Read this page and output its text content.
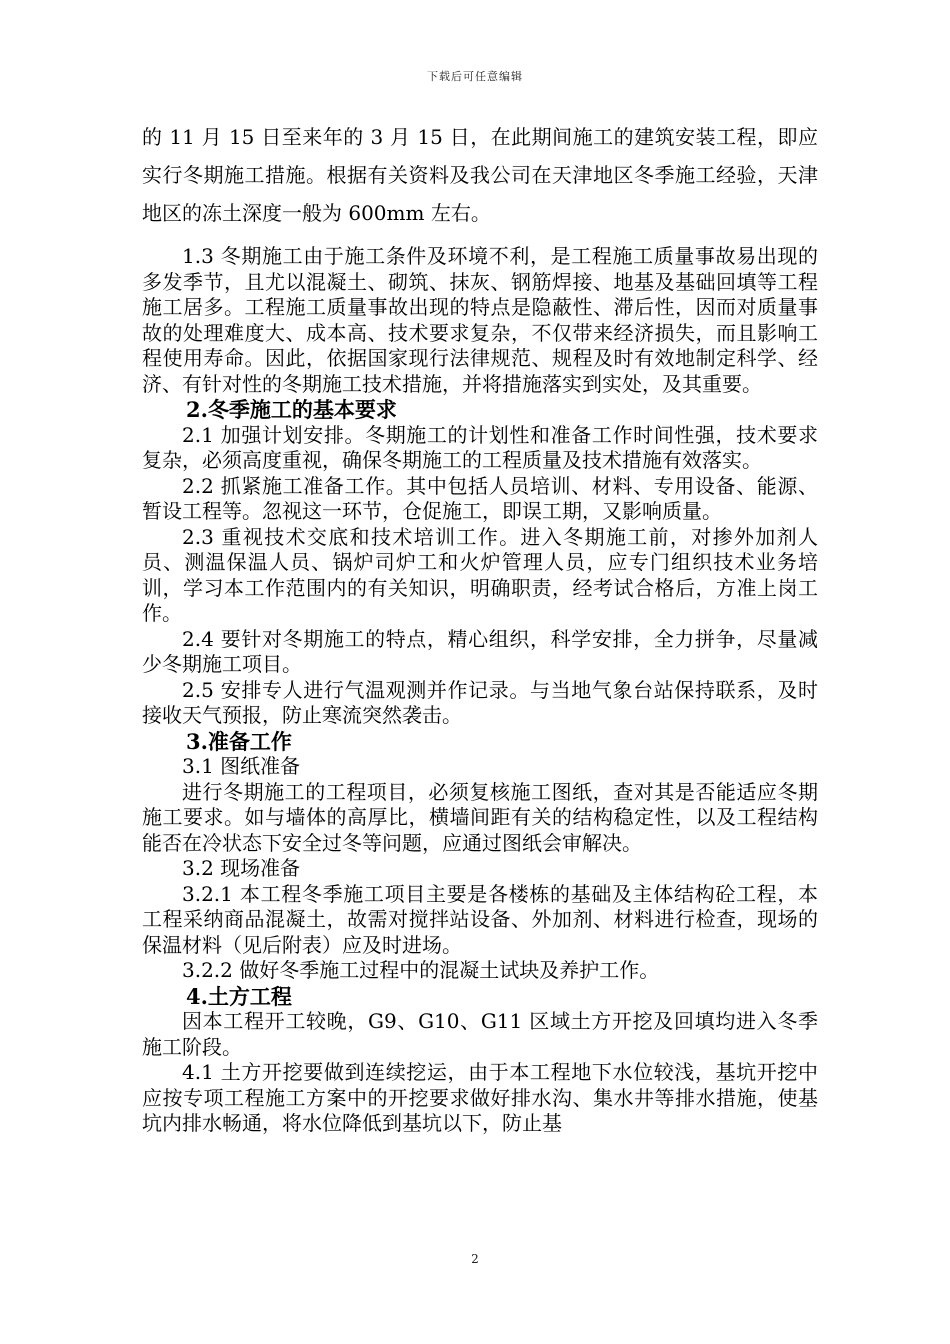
下载后可任意编辑

的 11 月 15 日至来年的 3 月 15 日，在此期间施工的建筑安装工程，即应实行冬期施工措施。根据有关资料及我公司在天津地区冬季施工经验，天津地区的冻土深度一般为 600mm 左右。

1.3 冬期施工由于施工条件及环境不利，是工程施工质量事故易出现的多发季节，且尤以混凝土、砌筑、抹灰、钢筋焊接、地基及基础回填等工程施工居多。工程施工质量事故出现的特点是隐蔽性、滞后性，因而对质量事故的处理难度大、成本高、技术要求复杂，不仅带来经济损失，而且影响工程使用寿命。因此，依据国家现行法律规范、规程及时有效地制定科学、经济、有针对性的冬期施工技术措施，并将措施落实到实处，及其重要。

2.冬季施工的基本要求

2.1 加强计划安排。冬期施工的计划性和准备工作时间性强，技术要求复杂，必须高度重视，确保冬期施工的工程质量及技术措施有效落实。

2.2 抓紧施工准备工作。其中包括人员培训、材料、专用设备、能源、暂设工程等。忽视这一环节，仓促施工，即误工期，又影响质量。

2.3 重视技术交底和技术培训工作。进入冬期施工前，对掺外加剂人员、测温保温人员、锅炉司炉工和火炉管理人员，应专门组织技术业务培训，学习本工作范围内的有关知识，明确职责，经考试合格后，方准上岗工作。

2.4 要针对冬期施工的特点，精心组织，科学安排，全力拼争，尽量减少冬期施工项目。

2.5 安排专人进行气温观测并作记录。与当地气象台站保持联系，及时接收天气预报，防止寒流突然袭击。

3.准备工作

3.1 图纸准备

进行冬期施工的工程项目，必须复核施工图纸，查对其是否能适应冬期施工要求。如与墙体的高厚比，横墙间距有关的结构稳定性，以及工程结构能否在冷状态下安全过冬等问题，应通过图纸会审解决。

3.2 现场准备

3.2.1 本工程冬季施工项目主要是各楼栋的基础及主体结构砼工程，本工程采纳商品混凝土，故需对搅拌站设备、外加剂、材料进行检查，现场的保温材料（见后附表）应及时进场。

3.2.2 做好冬季施工过程中的混凝土试块及养护工作。

4.土方工程

因本工程开工较晚，G9、G10、G11 区域土方开挖及回填均进入冬季施工阶段。

4.1 土方开挖要做到连续挖运，由于本工程地下水位较浅，基坑开挖中应按专项工程施工方案中的开挖要求做好排水沟、集水井等排水措施，使基坑内排水畅通，将水位降低到基坑以下，防止基

2
